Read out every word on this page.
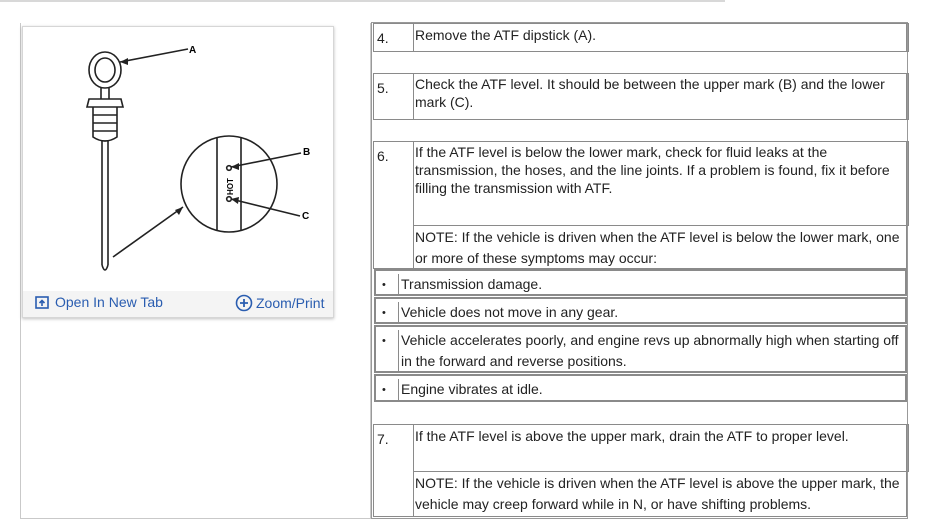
A
B
C
HOT
Open In New Tab	Zoom/Print
4. Remove the ATF dipstick (A).
5. Check the ATF level. It should be between the upper mark (B) and the lower mark (C).
6. If the ATF level is below the lower mark, check for fluid leaks at the transmission, the hoses, and the line joints. If a problem is found, fix it before filling the transmission with ATF.
NOTE: If the vehicle is driven when the ATF level is below the lower mark, one or more of these symptoms may occur:
• Transmission damage.
• Vehicle does not move in any gear.
• Vehicle accelerates poorly, and engine revs up abnormally high when starting off in the forward and reverse positions.
• Engine vibrates at idle.
7. If the ATF level is above the upper mark, drain the ATF to proper level.
NOTE: If the vehicle is driven when the ATF level is above the upper mark, the vehicle may creep forward while in N, or have shifting problems.
